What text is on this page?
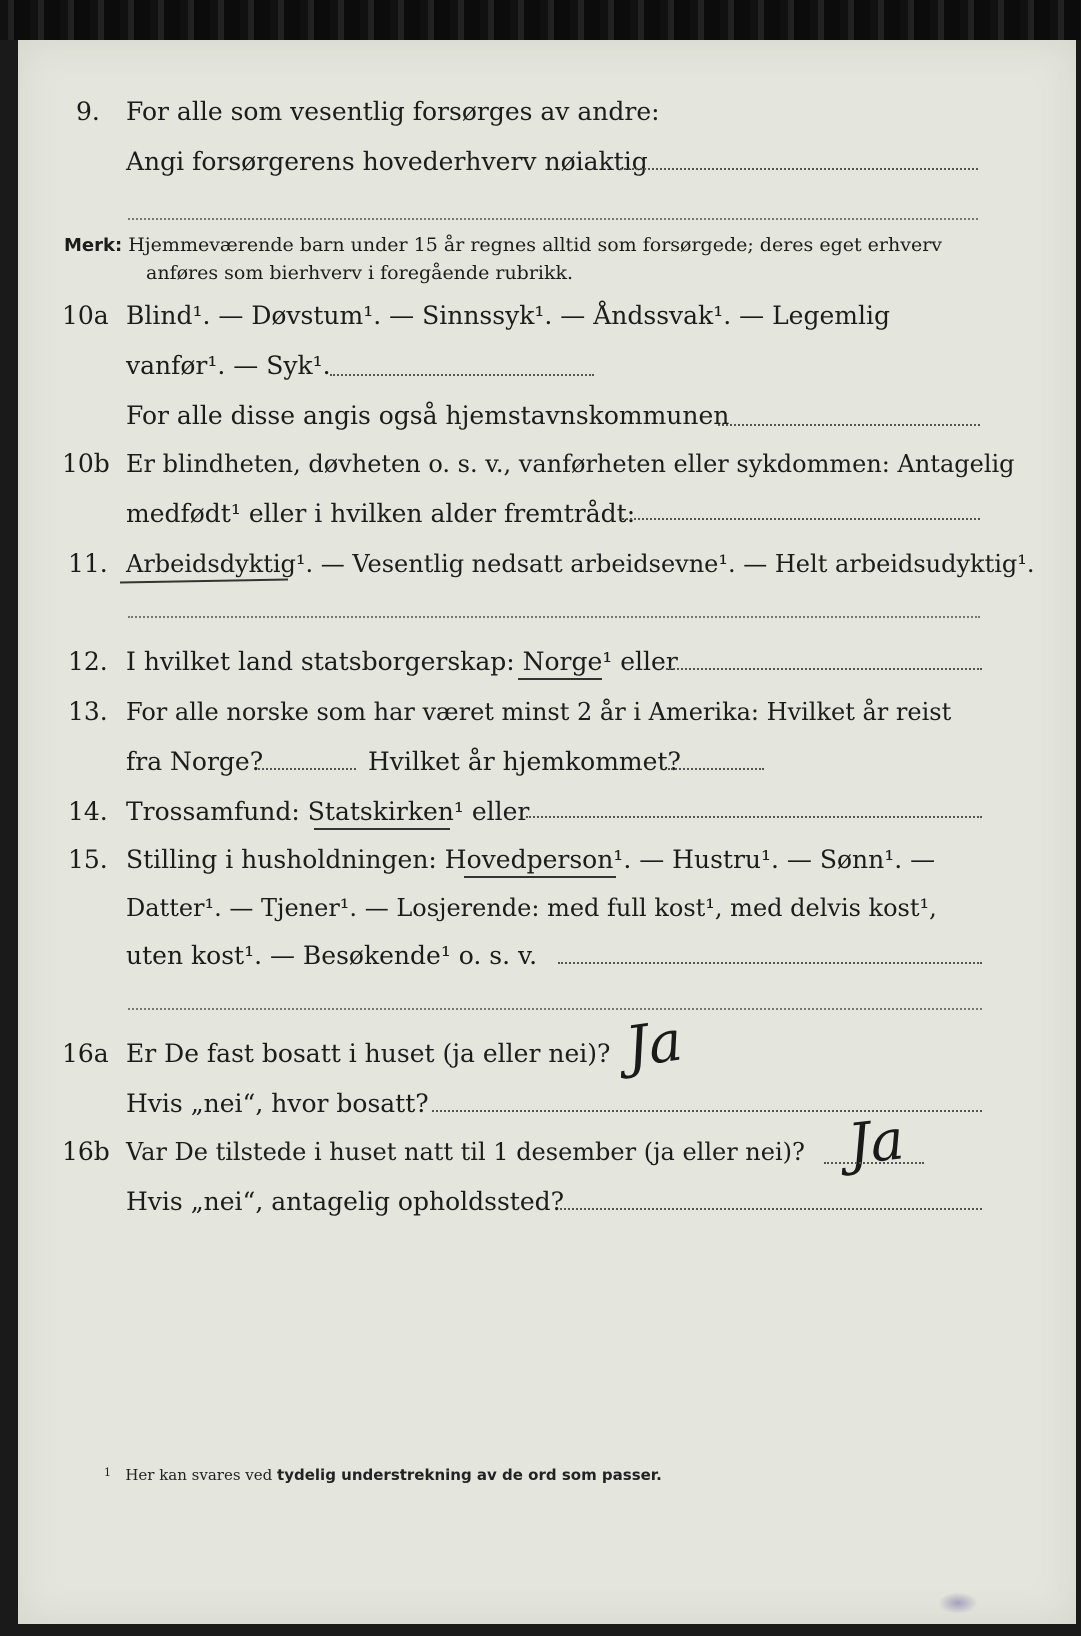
9. For alle som vesentlig forsørges av andre:
Angi forsørgerens hovederhverv nøiaktig
Merk: Hjemmeværende barn under 15 år regnes alltid som forsørgede; deres eget erhverv
anføres som bierhverv i foregående rubrikk.
10a Blind¹. — Døvstum¹. — Sinnssyk¹. — Åndssvak¹. — Legemlig
vanfør¹. — Syk¹.
For alle disse angis også hjemstavnskommunen
10b Er blindheten, døvheten o. s. v., vanførheten eller sykdommen: Antagelig
medfødt¹ eller i hvilken alder fremtrådt:
11. Arbeidsdyktig¹. — Vesentlig nedsatt arbeidsevne¹. — Helt arbeidsudyktig¹.
12. I hvilket land statsborgerskap: Norge¹ eller
13. For alle norske som har været minst 2 år i Amerika: Hvilket år reist
fra Norge?	Hvilket år hjemkommet?
14. Trossamfund: Statskirken¹ eller
15. Stilling i husholdningen: Hovedperson¹. — Hustru¹. — Sønn¹. —
Datter¹. — Tjener¹. — Losjerende: med full kost¹, med delvis kost¹,
uten kost¹. — Besøkende¹ o. s. v.
16a Er De fast bosatt i huset (ja eller nei)? Ja
Hvis „nei“, hvor bosatt?
16b Var De tilstede i huset natt til 1 desember (ja eller nei)? Ja
Hvis „nei“, antagelig opholdssted?
$^1$ Her kan svares ved tydelig understrekning av de ord som passer.
